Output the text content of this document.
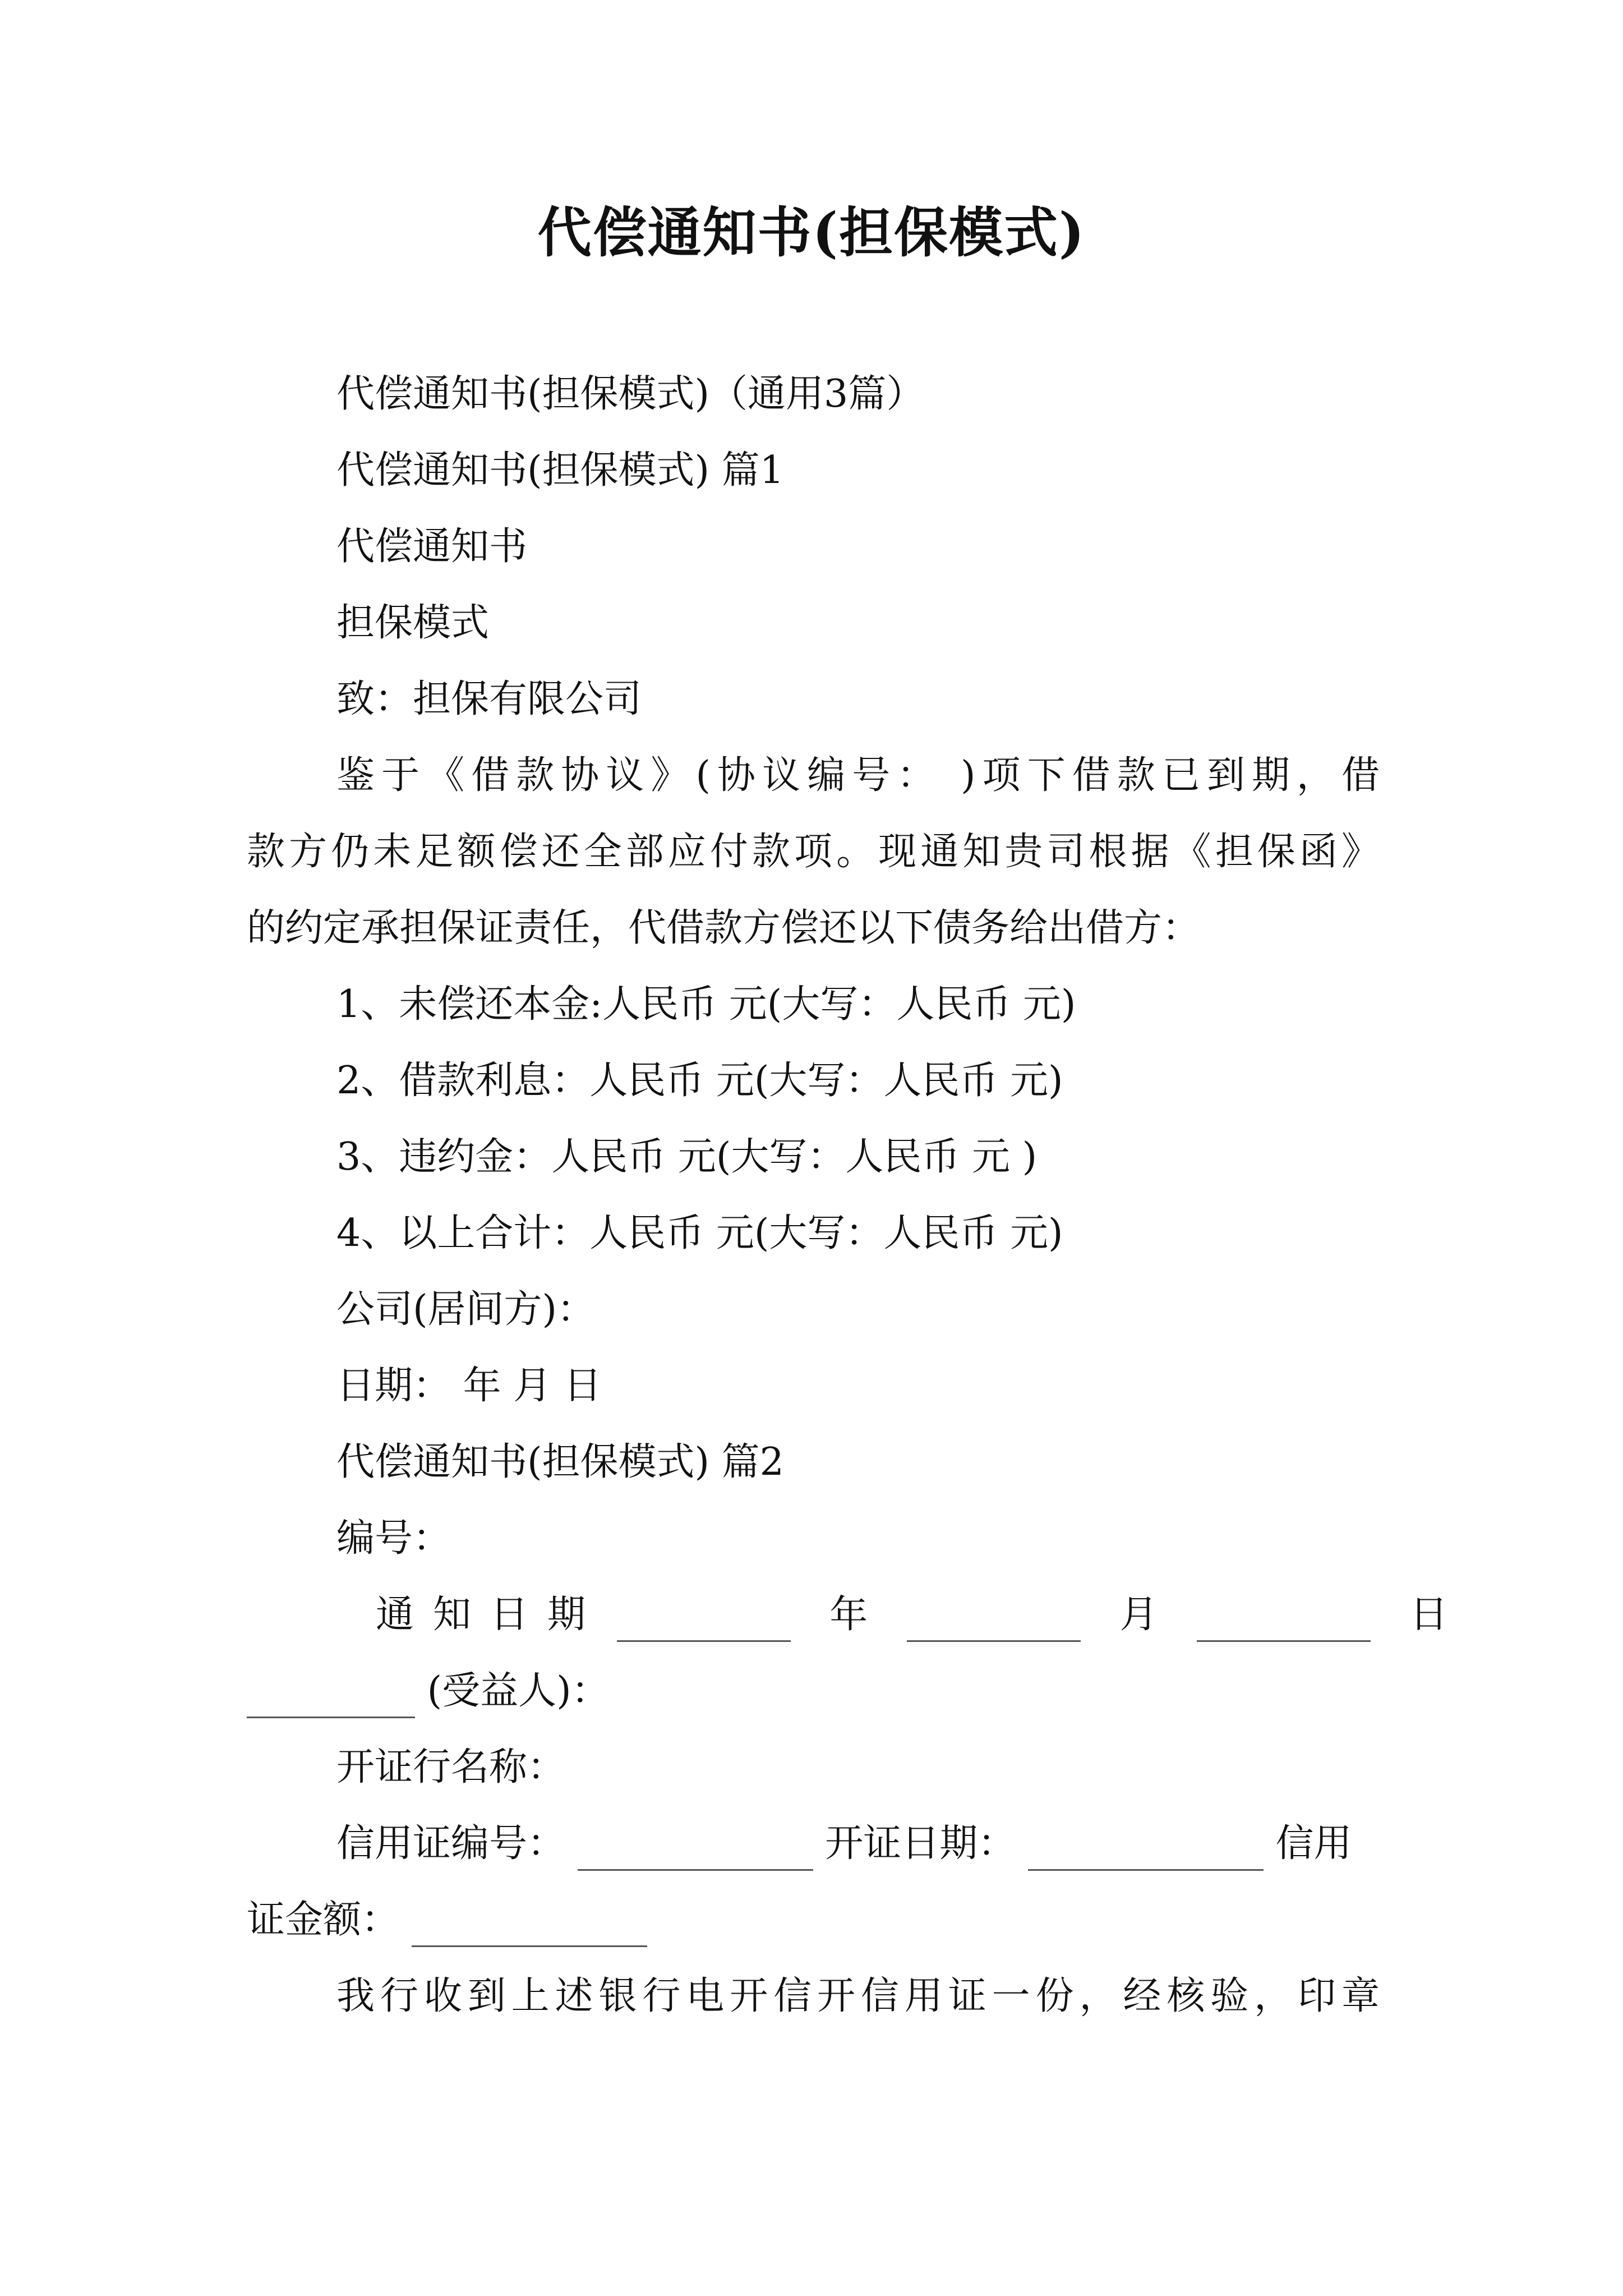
代偿通知书(担保模式)

代偿通知书(担保模式)（通用3篇）

代偿通知书(担保模式) 篇1

代偿通知书

担保模式

致：担保有限公司

鉴于《借款协议》(协议编号： )项下借款已到期，借

款方仍未足额偿还全部应付款项。现通知贵司根据《担保函》

的约定承担保证责任，代借款方偿还以下债务给出借方：

1、未偿还本金:人民币 元(大写：人民币 元)

2、借款利息：人民币 元(大写：人民币 元)

3、违约金：人民币 元(大写：人民币 元 )

4、以上合计：人民币 元(大写：人民币 元)

公司(居间方)：

日期： 年 月 日

代偿通知书(担保模式) 篇2

编号：

通知日期	年	月	日
(受益人)：

开证行名称：

信用证编号：	开证日期：	信用
证金额：

我行收到上述银行电开信开信用证一份，经核验，印章
